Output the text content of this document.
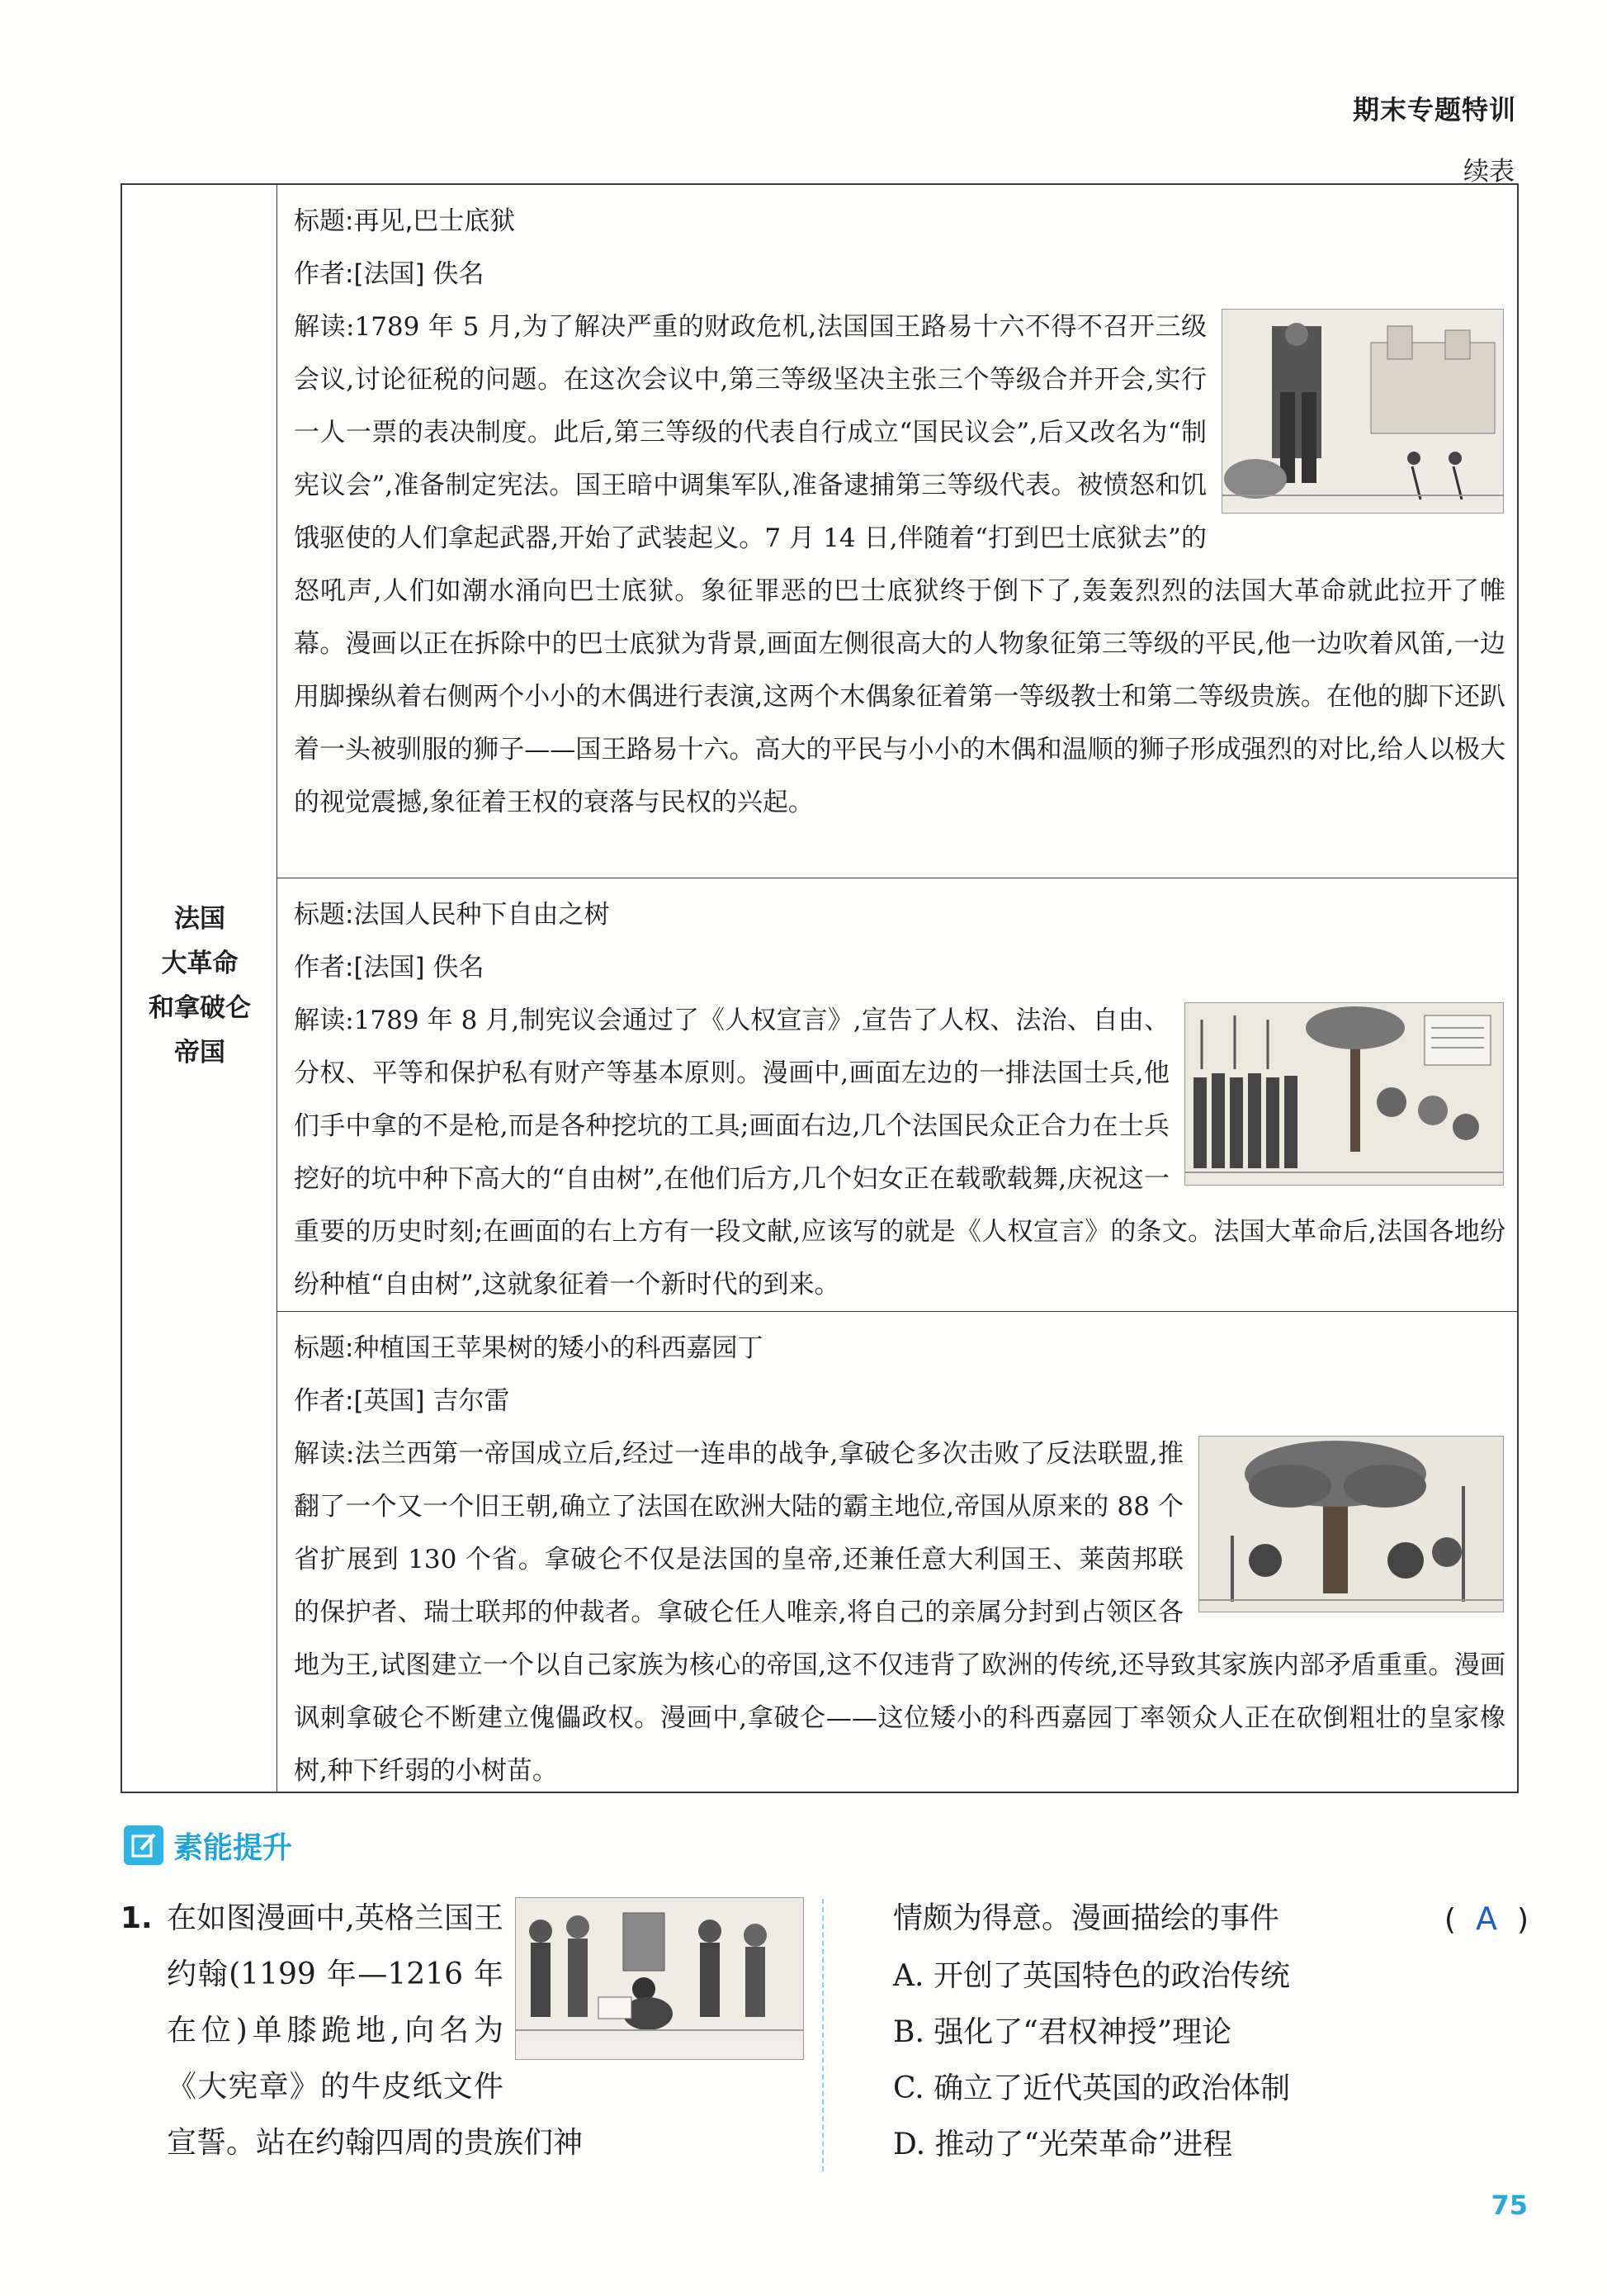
期末专题特训
续表
法国
大革命
和拿破仑
帝国

标题:再见,巴士底狱

作者:[法国] 佚名

解读:1789 年 5 月,为了解决严重的财政危机,法国国王路易十六不得不召开三级会议,讨论征税的问题。在这次会议中,第三等级坚决主张三个等级合并开会,实行一人一票的表决制度。此后,第三等级的代表自行成立“国民议会”,后又改名为“制宪议会”,准备制定宪法。国王暗中调集军队,准备逮捕第三等级代表。被愤怒和饥饿驱使的人们拿起武器,开始了武装起义。7 月 14 日,伴随着“打到巴士底狱去”的怒吼声,人们如潮水涌向巴士底狱。象征罪恶的巴士底狱终于倒下了,轰轰烈烈的法国大革命就此拉开了帷幕。漫画以正在拆除中的巴士底狱为背景,画面左侧很高大的人物象征第三等级的平民,他一边吹着风笛,一边用脚操纵着右侧两个小小的木偶进行表演,这两个木偶象征着第一等级教士和第二等级贵族。在他的脚下还趴着一头被驯服的狮子——国王路易十六。高大的平民与小小的木偶和温顺的狮子形成强烈的对比,给人以极大的视觉震撼,象征着王权的衰落与民权的兴起。

标题:法国人民种下自由之树

作者:[法国] 佚名

解读:1789 年 8 月,制宪议会通过了《人权宣言》,宣告了人权、法治、自由、分权、平等和保护私有财产等基本原则。漫画中,画面左边的一排法国士兵,他们手中拿的不是枪,而是各种挖坑的工具;画面右边,几个法国民众正合力在士兵挖好的坑中种下高大的“自由树”,在他们后方,几个妇女正在载歌载舞,庆祝这一重要的历史时刻;在画面的右上方有一段文献,应该写的就是《人权宣言》的条文。法国大革命后,法国各地纷纷种植“自由树”,这就象征着一个新时代的到来。

标题:种植国王苹果树的矮小的科西嘉园丁

作者:[英国] 吉尔雷

解读:法兰西第一帝国成立后,经过一连串的战争,拿破仑多次击败了反法联盟,推翻了一个又一个旧王朝,确立了法国在欧洲大陆的霸主地位,帝国从原来的 88 个省扩展到 130 个省。拿破仑不仅是法国的皇帝,还兼任意大利国王、莱茵邦联的保护者、瑞士联邦的仲裁者。拿破仑任人唯亲,将自己的亲属分封到占领区各地为王,试图建立一个以自己家族为核心的帝国,这不仅违背了欧洲的传统,还导致其家族内部矛盾重重。漫画讽刺拿破仑不断建立傀儡政权。漫画中,拿破仑——这位矮小的科西嘉园丁率领众人正在砍倒粗壮的皇家橡树,种下纤弱的小树苗。

素能提升
1. 在如图漫画中,英格兰国王约翰(1199 年—1216 年在位)单膝跪地,向名为《大宪章》的牛皮纸文件宣誓。站在约翰四周的贵族们神
情颇为得意。漫画描绘的事件	( A )
A. 开创了英国特色的政治传统
B. 强化了“君权神授”理论
C. 确立了近代英国的政治体制
D. 推动了“光荣革命”进程
75
